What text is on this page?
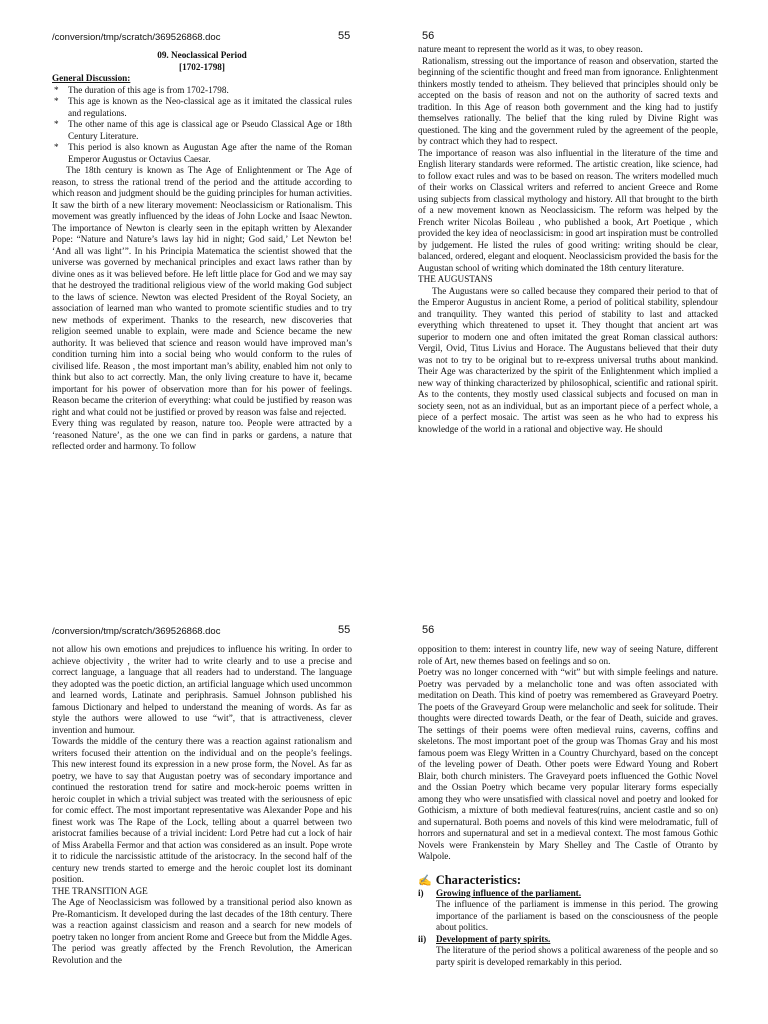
/conversion/tmp/scratch/369526868.doc	55

09. Neoclassical Period

[1702-1798]

General Discussion:

* The duration of this age is from 1702-1798.
* This age is known as the Neo-classical age as it imitated the classical rules and regulations.
* The other name of this age is classical age or Pseudo Classical Age or 18th Century Literature.
* This period is also known as Augustan Age after the name of the Roman Emperor Augustus or Octavius Caesar.

The 18th century is known as The Age of Enlightenment or The Age of reason, to stress the rational trend of the period and the attitude according to which reason and judgment should be the guiding principles for human activities. It saw the birth of a new literary movement: Neoclassicism or Rationalism. This movement was greatly influenced by the ideas of John Locke and Isaac Newton. The importance of Newton is clearly seen in the epitaph written by Alexander Pope: “Nature and Nature’s laws lay hid in night; God said,’ Let Newton be! ‘And all was light’”. In his Principia Matematica the scientist showed that the universe was governed by mechanical principles and exact laws rather than by divine ones as it was believed before. He left little place for God and we may say that he destroyed the traditional religious view of the world making God subject to the laws of science. Newton was elected President of the Royal Society, an association of learned man who wanted to promote scientific studies and to try new methods of experiment. Thanks to the research, new discoveries that religion seemed unable to explain, were made and Science became the new authority. It was believed that science and reason would have improved man’s condition turning him into a social being who would conform to the rules of civilised life. Reason , the most important man’s ability, enabled him not only to think but also to act correctly. Man, the only living creature to have it, became important for his power of observation more than for his power of feelings. Reason became the criterion of everything: what could be justified by reason was right and what could not be justified or proved by reason was false and rejected.

Every thing was regulated by reason, nature too. People were attracted by a ‘reasoned Nature’, as the one we can find in parks or gardens, a nature that reflected order and harmony. To follow

56

nature meant to represent the world as it was, to obey reason.

Rationalism, stressing out the importance of reason and observation, started the beginning of the scientific thought and freed man from ignorance. Enlightenment thinkers mostly tended to atheism. They believed that principles should only be accepted on the basis of reason and not on the authority of sacred texts and tradition. In this Age of reason both government and the king had to justify themselves rationally. The belief that the king ruled by Divine Right was questioned. The king and the government ruled by the agreement of the people, by contract which they had to respect.

The importance of reason was also influential in the literature of the time and English literary standards were reformed. The artistic creation, like science, had to follow exact rules and was to be based on reason. The writers modelled much of their works on Classical writers and referred to ancient Greece and Rome using subjects from classical mythology and history. All that brought to the birth of a new movement known as Neoclassicism. The reform was helped by the French writer Nicolas Boileau , who published a book, Art Poetique , which provided the key idea of neoclassicism: in good art inspiration must be controlled by judgement. He listed the rules of good writing: writing should be clear, balanced, ordered, elegant and eloquent. Neoclassicism provided the basis for the Augustan school of writing which dominated the 18th century literature.

THE AUGUSTANS

The Augustans were so called because they compared their period to that of the Emperor Augustus in ancient Rome, a period of political stability, splendour and tranquility. They wanted this period of stability to last and attacked everything which threatened to upset it. They thought that ancient art was superior to modern one and often imitated the great Roman classical authors: Vergil, Ovid, Titus Livius and Horace. The Augustans believed that their duty was not to try to be original but to re-express universal truths about mankind. Their Age was characterized by the spirit of the Enlightenment which implied a new way of thinking characterized by philosophical, scientific and rational spirit. As to the contents, they mostly used classical subjects and focused on man in society seen, not as an individual, but as an important piece of a perfect whole, a piece of a perfect mosaic. The artist was seen as he who had to express his knowledge of the world in a rational and objective way. He should

/conversion/tmp/scratch/369526868.doc	55

not allow his own emotions and prejudices to influence his writing. In order to achieve objectivity , the writer had to write clearly and to use a precise and correct language, a language that all readers had to understand. The language they adopted was the poetic diction, an artificial language which used uncommon and learned words, Latinate and periphrasis. Samuel Johnson published his famous Dictionary and helped to understand the meaning of words. As far as style the authors were allowed to use “wit”, that is attractiveness, clever invention and humour.

Towards the middle of the century there was a reaction against rationalism and writers focused their attention on the individual and on the people’s feelings. This new interest found its expression in a new prose form, the Novel. As far as poetry, we have to say that Augustan poetry was of secondary importance and continued the restoration trend for satire and mock-heroic poems written in heroic couplet in which a trivial subject was treated with the seriousness of epic for comic effect. The most important representative was Alexander Pope and his finest work was The Rape of the Lock, telling about a quarrel between two aristocrat families because of a trivial incident: Lord Petre had cut a lock of hair of Miss Arabella Fermor and that action was considered as an insult. Pope wrote it to ridicule the narcissistic attitude of the aristocracy. In the second half of the century new trends started to emerge and the heroic couplet lost its dominant position.

THE TRANSITION AGE

The Age of Neoclassicism was followed by a transitional period also known as Pre-Romanticism. It developed during the last decades of the 18th century. There was a reaction against classicism and reason and a search for new models of poetry taken no longer from ancient Rome and Greece but from the Middle Ages. The period was greatly affected by the French Revolution, the American Revolution and the

56

opposition to them: interest in country life, new way of seeing Nature, different role of Art, new themes based on feelings and so on.

Poetry was no longer concerned with “wit” but with simple feelings and nature. Poetry was pervaded by a melancholic tone and was often associated with meditation on Death. This kind of poetry was remembered as Graveyard Poetry. The poets of the Graveyard Group were melancholic and seek for solitude. Their thoughts were directed towards Death, or the fear of Death, suicide and graves. The settings of their poems were often medieval ruins, caverns, coffins and skeletons. The most important poet of the group was Thomas Gray and his most famous poem was Elegy Written in a Country Churchyard, based on the concept of the leveling power of Death. Other poets were Edward Young and Robert Blair, both church ministers. The Graveyard poets influenced the Gothic Novel and the Ossian Poetry which became very popular literary forms especially among they who were unsatisfied with classical novel and poetry and looked for Gothicism, a mixture of both medieval features(ruins, ancient castle and so on) and supernatural. Both poems and novels of this kind were melodramatic, full of horrors and supernatural and set in a medieval context. The most famous Gothic Novels were Frankenstein by Mary Shelley and The Castle of Otranto by Walpole.

✍ Characteristics:
i)	Growing influence of the parliament.

The influence of the parliament is immense in this period. The growing importance of the parliament is based on the consciousness of the people about politics.

ii)	Development of party spirits.

The literature of the period shows a political awareness of the people and so party spirit is developed remarkably in this period.
